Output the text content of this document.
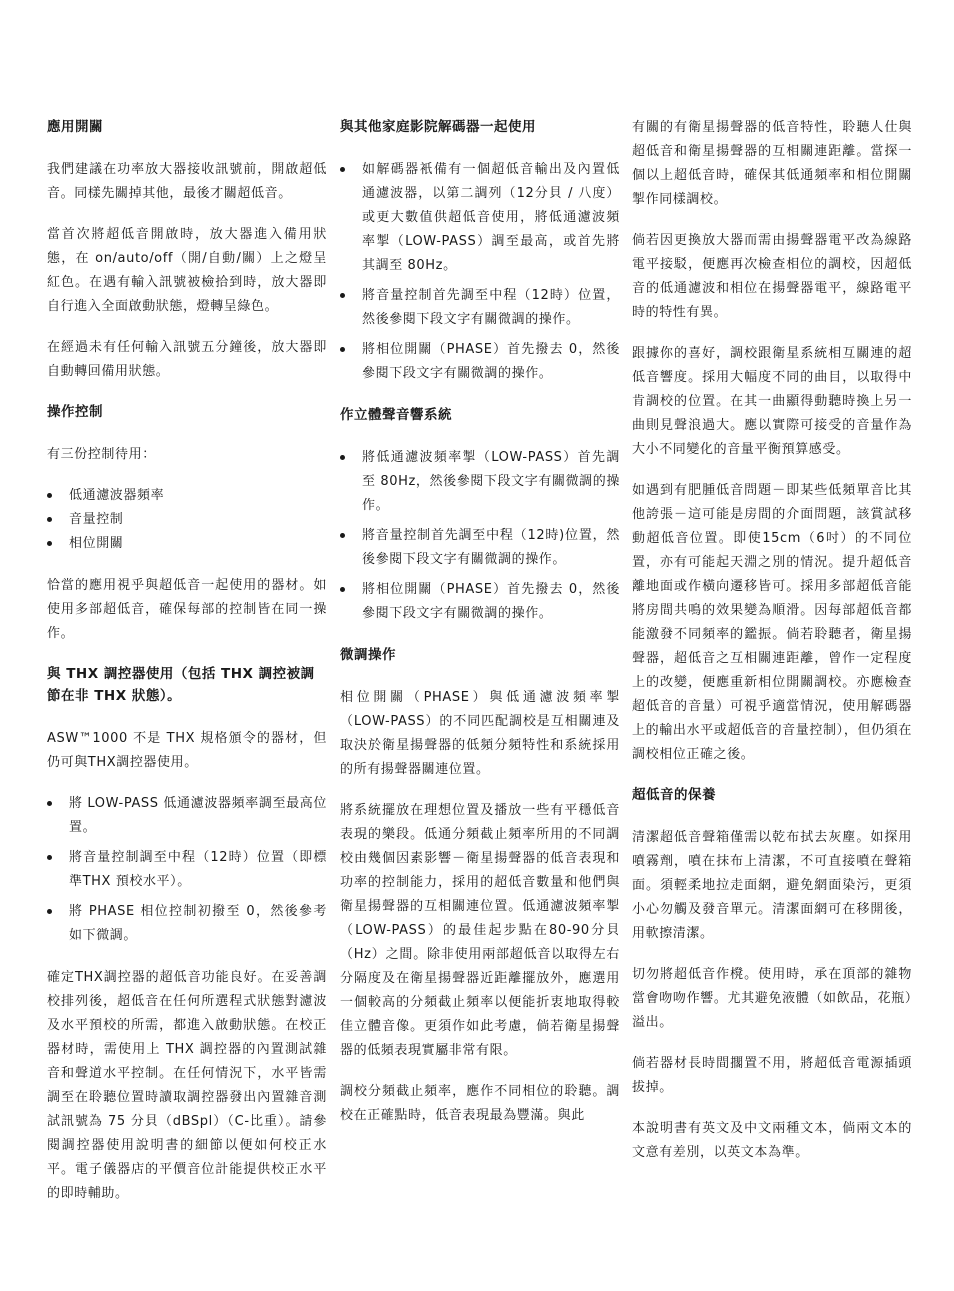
應用開關
我們建議在功率放大器接收訊號前，開啟超低音。同樣先關掉其他，最後才關超低音。
當首次將超低音開啟時，放大器進入備用狀態，在 on/auto/off（開/自動/關）上之燈呈紅色。在遇有輸入訊號被檢拾到時，放大器即自行進入全面啟動狀態，燈轉呈綠色。
在經過未有任何輸入訊號五分鐘後，放大器即自動轉回備用狀態。
操作控制
有三份控制待用：
低通濾波器頻率
音量控制
相位開關
恰當的應用視乎與超低音一起使用的器材。如使用多部超低音，確保每部的控制皆在同一操作。
與 THX 調控器使用（包括 THX 調控被調節在非 THX 狀態）。
ASW™1000 不是 THX 規格頒令的器材，但仍可與THX調控器使用。
將 LOW-PASS 低通濾波器頻率調至最高位置。
將音量控制調至中程（12時）位置（即標準THX 預校水平）。
將 PHASE 相位控制初撥至 0，然後參考如下微調。
確定THX調控器的超低音功能良好。在妥善調校排列後，超低音在任何所選程式狀態對濾波及水平預校的所需，都進入啟動狀態。在校正器材時，需使用上 THX 調控器的內置測試雜音和聲道水平控制。在任何情況下，水平皆需調至在聆聽位置時讀取調控器發出內置雜音測試訊號為 75 分貝（dBSpl）（C-比重）。請參閱調控器使用說明書的細節以便如何校正水平。電子儀器店的平價音位計能提供校正水平的即時輔助。
與其他家庭影院解碼器一起使用
如解碼器衹備有一個超低音輸出及內置低通濾波器，以第二調列（12分貝 / 八度）或更大數值供超低音使用，將低通濾波頻率掣（LOW-PASS）調至最高，或首先將其調至 80Hz。
將音量控制首先調至中程（12時）位置，然後參閱下段文字有關微調的操作。
將相位開關（PHASE）首先撥去 0，然後參閱下段文字有關微調的操作。
作立體聲音響系統
將低通濾波頻率掣（LOW-PASS）首先調至 80Hz，然後參閱下段文字有關微調的操作。
將音量控制首先調至中程（12時)位置，然後參閱下段文字有關微調的操作。
將相位開關（PHASE）首先撥去 0，然後參閱下段文字有關微調的操作。
微調操作
相位開關（PHASE）與低通濾波頻率掣（LOW-PASS）的不同匹配調校是互相關連及取決於衛星揚聲器的低頻分頻特性和系統採用的所有揚聲器關連位置。
將系統擺放在理想位置及播放一些有平穩低音表現的樂段。低通分頻截止頻率所用的不同調校由幾個因素影響－衛星揚聲器的低音表現和功率的控制能力，採用的超低音數量和他們與衛星揚聲器的互相關連位置。低通濾波頻率掣（LOW-PASS）的最佳起步點在80-90分貝（Hz）之間。除非使用兩部超低音以取得左右分隔度及在衛星揚聲器近距離擺放外，應選用一個較高的分頻截止頻率以便能折衷地取得較佳立體音像。更須作如此考慮，倘若衛星揚聲器的低頻表現實屬非常有限。
調校分頻截止頻率，應作不同相位的聆聽。調校在正確點時，低音表現最為豐滿。與此
有關的有衛星揚聲器的低音特性，聆聽人仕與超低音和衛星揚聲器的互相關連距離。當探一個以上超低音時，確保其低通頻率和相位開關掣作同樣調校。
倘若因更換放大器而需由揚聲器電平改為線路電平接駁，便應再次檢查相位的調校，因超低音的低通濾波和相位在揚聲器電平，線路電平時的特性有異。
跟據你的喜好，調校跟衛星系統相互關連的超低音響度。採用大幅度不同的曲目，以取得中肯調校的位置。在其一曲顯得動聽時換上另一曲則見聲浪過大。應以實際可接受的音量作為大小不同變化的音量平衡預算感受。
如遇到有肥腫低音問題－即某些低頻單音比其他誇張－這可能是房間的介面問題，該賞試移動超低音位置。即使15cm（6吋）的不同位置，亦有可能起天淵之別的情況。提升超低音離地面或作橫向遷移皆可。採用多部超低音能將房間共鳴的效果變為順滑。因每部超低音都能激發不同頻率的鑑振。倘若聆聽者，衛星揚聲器，超低音之互相關連距離，曾作一定程度上的改變，便應重新相位開關調校。亦應檢查超低音的音量）可視乎適當情況，使用解碼器上的輸出水平或超低音的音量控制），但仍須在調校相位正確之後。
超低音的保養
清潔超低音聲箱僅需以乾布拭去灰塵。如探用噴霧劑，噴在抹布上清潔，不可直接噴在聲箱面。須輕柔地拉走面網，避免網面染污，更須小心勿觸及發音單元。清潔面網可在移開後，用軟擦清潔。
切勿將超低音作櫈。使用時，承在頂部的雜物當會吻吻作響。尤其避免液體（如飲品，花瓶）溢出。
倘若器材長時間擱置不用，將超低音電源插頭拔掉。
本說明書有英文及中文兩種文本，倘兩文本的文意有差別，以英文本為準。
